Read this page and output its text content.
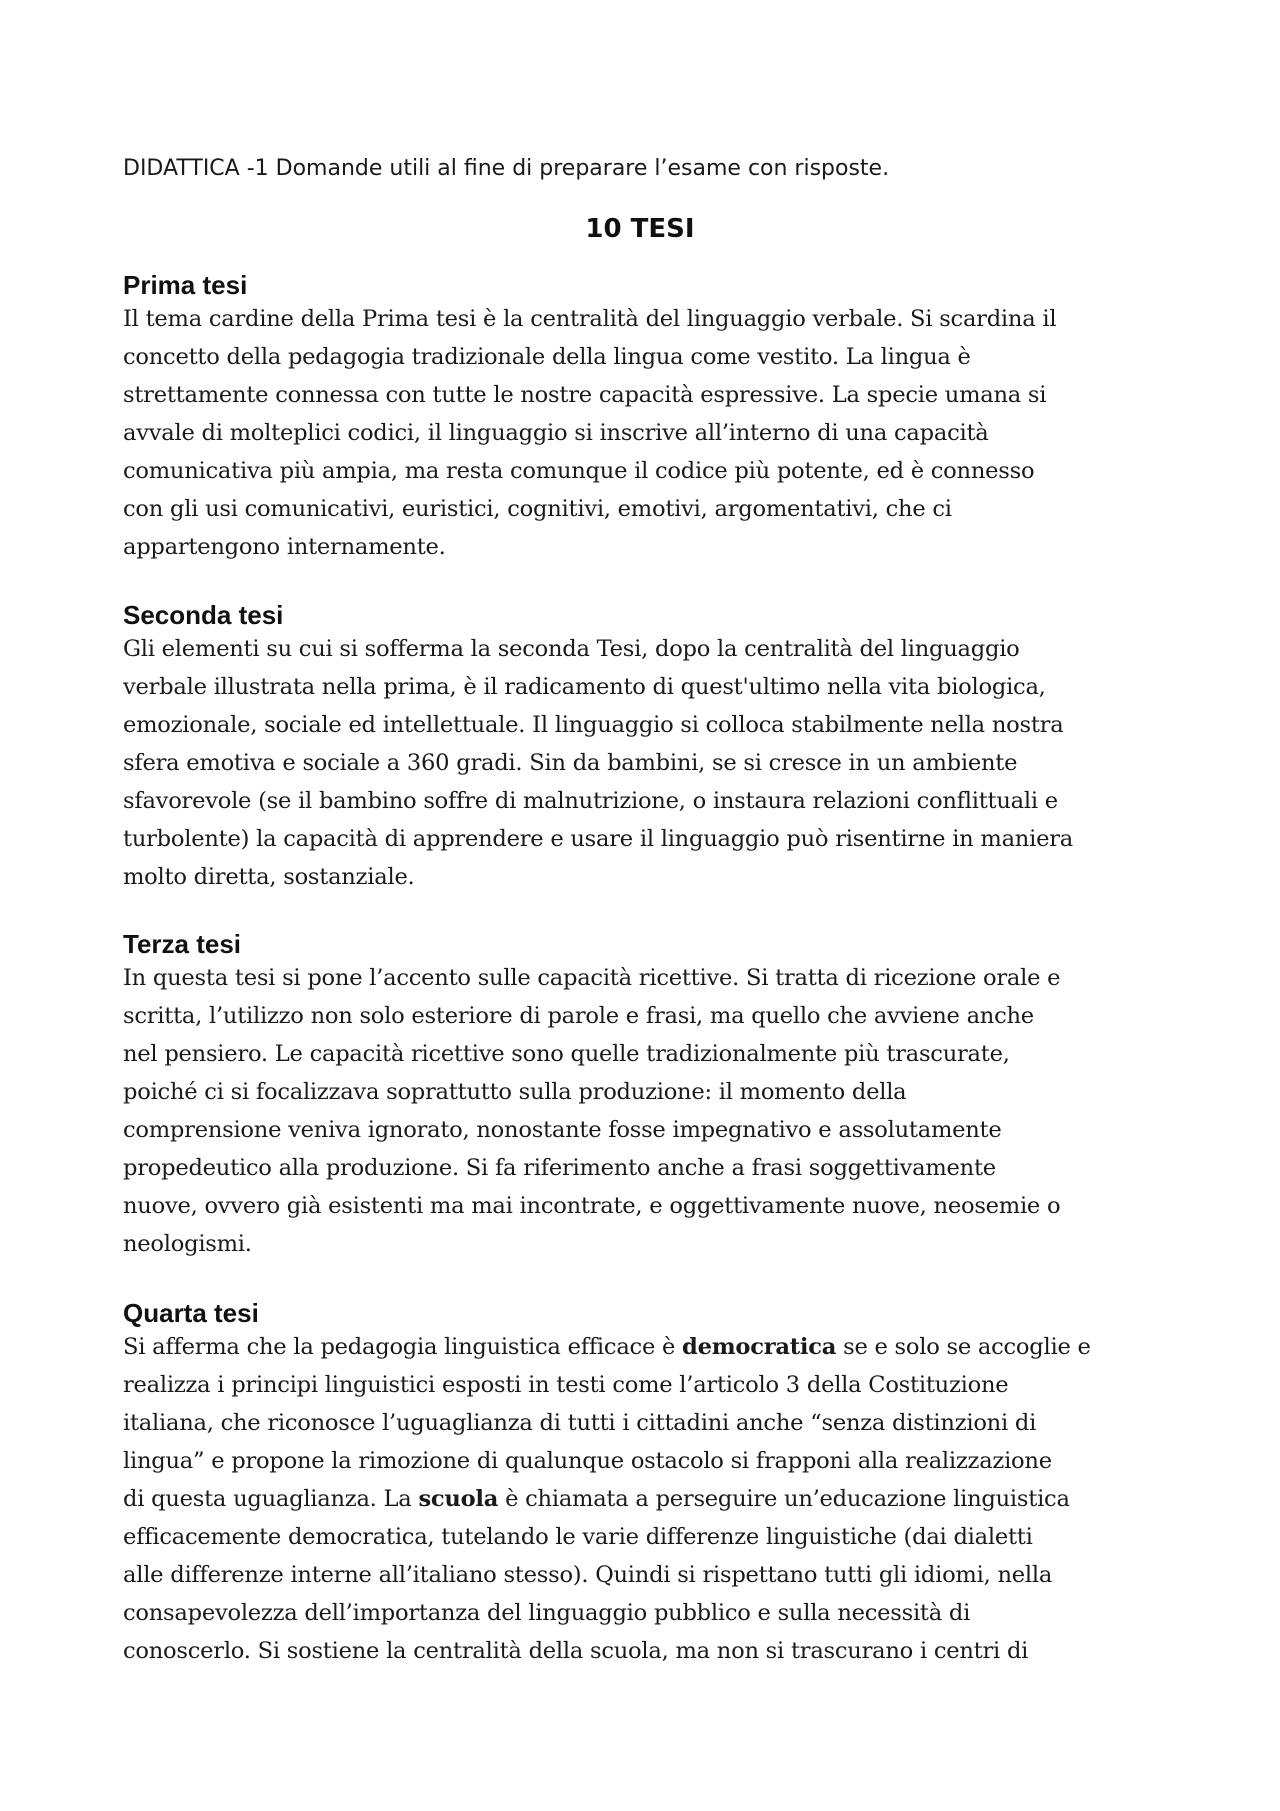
DIDATTICA -1 Domande utili al fine di preparare l’esame con risposte.
10 TESI
Prima tesi

Il tema cardine della Prima tesi è la centralità del linguaggio verbale. Si scardina il
concetto della pedagogia tradizionale della lingua come vestito. La lingua è
strettamente connessa con tutte le nostre capacità espressive. La specie umana si
avvale di molteplici codici, il linguaggio si inscrive all’interno di una capacità
comunicativa più ampia, ma resta comunque il codice più potente, ed è connesso
con gli usi comunicativi, euristici, cognitivi, emotivi, argomentativi, che ci
appartengono internamente.

Seconda tesi

Gli elementi su cui si sofferma la seconda Tesi, dopo la centralità del linguaggio
verbale illustrata nella prima, è il radicamento di quest'ultimo nella vita biologica,
emozionale, sociale ed intellettuale. Il linguaggio si colloca stabilmente nella nostra
sfera emotiva e sociale a 360 gradi. Sin da bambini, se si cresce in un ambiente
sfavorevole (se il bambino soffre di malnutrizione, o instaura relazioni conflittuali e
turbolente) la capacità di apprendere e usare il linguaggio può risentirne in maniera
molto diretta, sostanziale.

Terza tesi

In questa tesi si pone l’accento sulle capacità ricettive. Si tratta di ricezione orale e
scritta, l’utilizzo non solo esteriore di parole e frasi, ma quello che avviene anche
nel pensiero. Le capacità ricettive sono quelle tradizionalmente più trascurate,
poiché ci si focalizzava soprattutto sulla produzione: il momento della
comprensione veniva ignorato, nonostante fosse impegnativo e assolutamente
propedeutico alla produzione. Si fa riferimento anche a frasi soggettivamente
nuove, ovvero già esistenti ma mai incontrate, e oggettivamente nuove, neosemie o
neologismi.

Quarta tesi

Si afferma che la pedagogia linguistica efficace è democratica se e solo se accoglie e
realizza i principi linguistici esposti in testi come l’articolo 3 della Costituzione
italiana, che riconosce l’uguaglianza di tutti i cittadini anche “senza distinzioni di
lingua” e propone la rimozione di qualunque ostacolo si frapponi alla realizzazione
di questa uguaglianza. La scuola è chiamata a perseguire un’educazione linguistica
efficacemente democratica, tutelando le varie differenze linguistiche (dai dialetti
alle differenze interne all’italiano stesso). Quindi si rispettano tutti gli idiomi, nella
consapevolezza dell’importanza del linguaggio pubblico e sulla necessità di
conoscerlo. Si sostiene la centralità della scuola, ma non si trascurano i centri di
